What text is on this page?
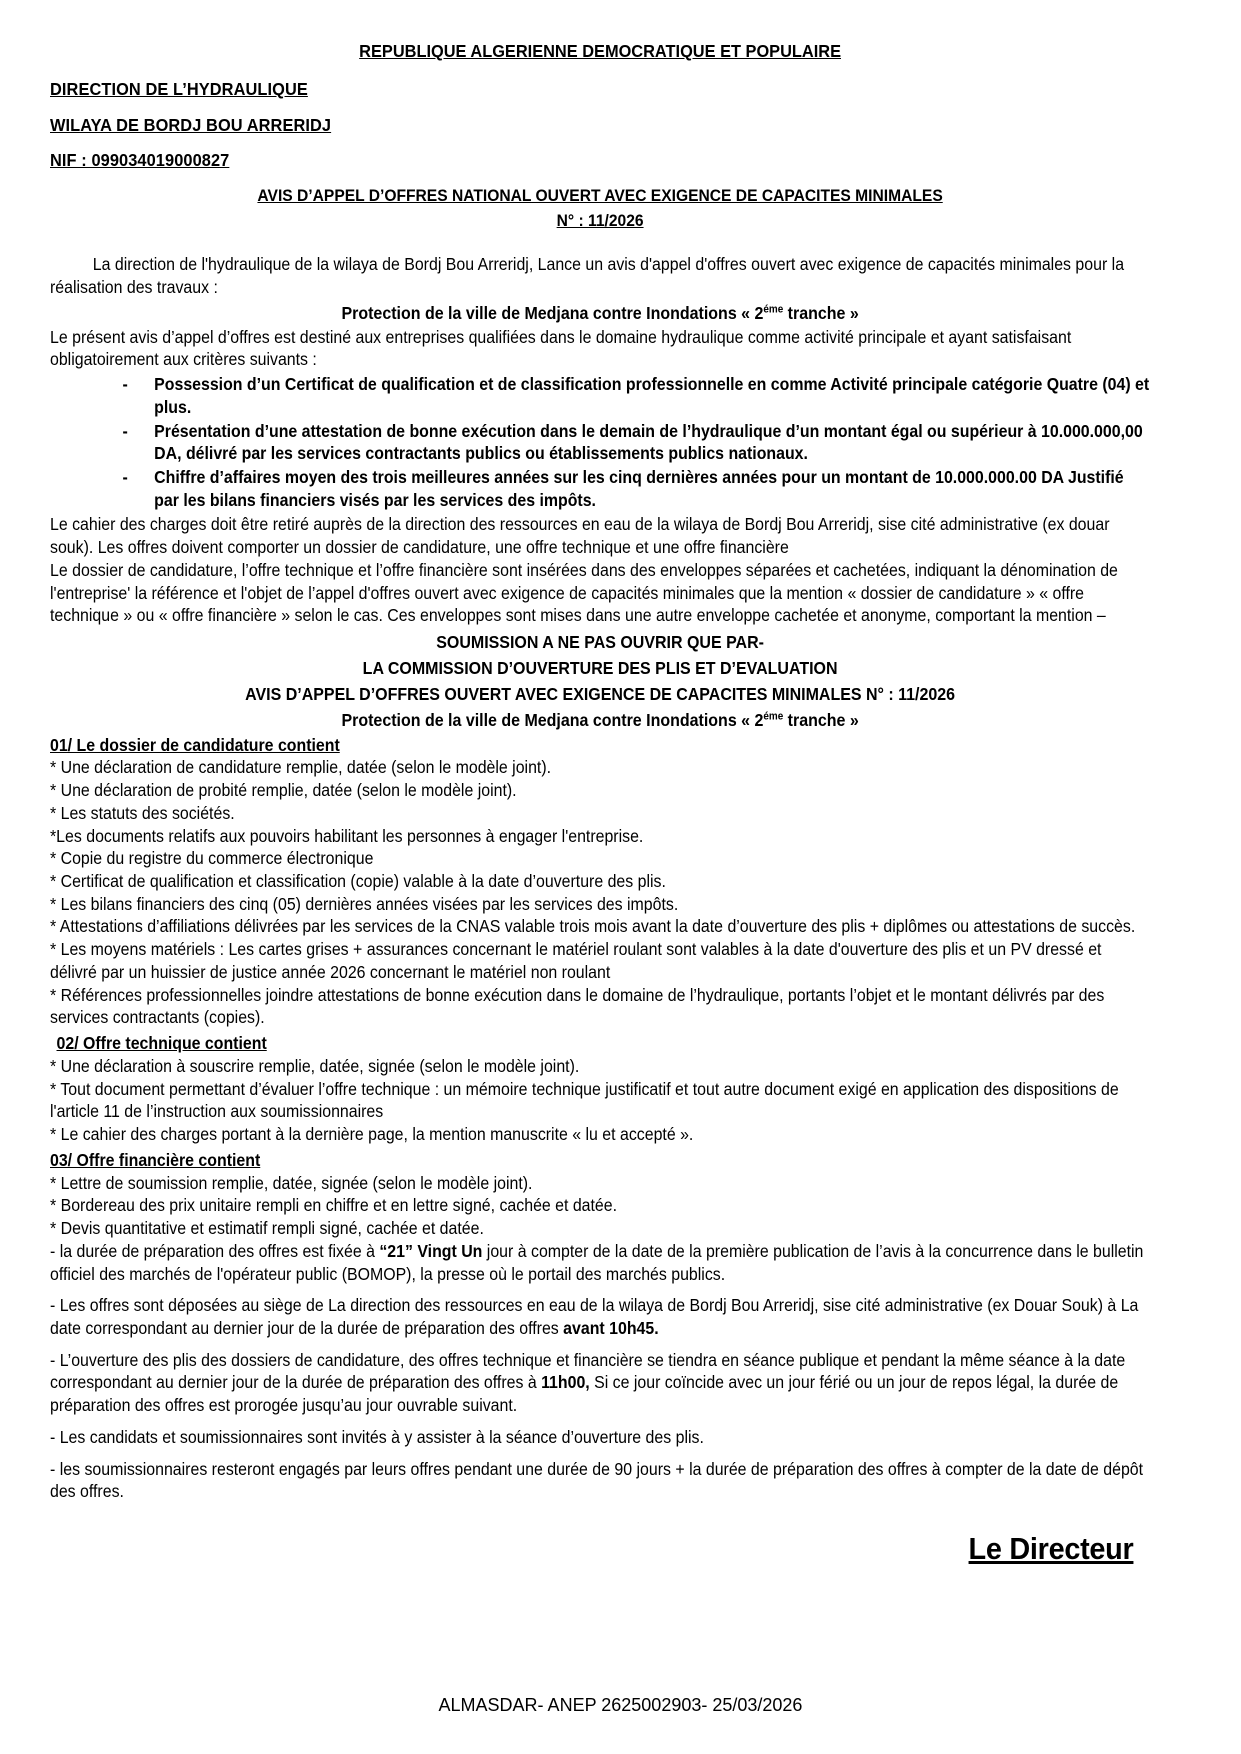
REPUBLIQUE ALGERIENNE DEMOCRATIQUE ET POPULAIRE
DIRECTION DE L’HYDRAULIQUE
WILAYA DE BORDJ BOU ARRERIDJ
NIF : 099034019000827
AVIS D’APPEL D’OFFRES NATIONAL OUVERT AVEC EXIGENCE DE CAPACITES MINIMALES
N° : 11/2026

La direction de l'hydraulique de la wilaya de Bordj Bou Arreridj, Lance un avis d'appel d'offres ouvert avec exigence de capacités minimales pour la réalisation des travaux :

Protection de la ville de Medjana contre Inondations « $2^{éme}$ tranche »

Le présent avis d’appel d’offres est destiné aux entreprises qualifiées dans le domaine hydraulique comme activité principale et ayant satisfaisant obligatoirement aux critères suivants :

- Possession d’un Certificat de qualification et de classification professionnelle en comme Activité principale catégorie Quatre (04) et plus.
- Présentation d’une attestation de bonne exécution dans le demain de l’hydraulique d’un montant égal ou supérieur à 10.000.000,00 DA, délivré par les services contractants publics ou établissements publics nationaux.
- Chiffre d’affaires moyen des trois meilleures années sur les cinq dernières années pour un montant de 10.000.000.00 DA Justifié par les bilans financiers visés par les services des impôts.

Le cahier des charges doit être retiré auprès de la direction des ressources en eau de la wilaya de Bordj Bou Arreridj, sise cité administrative (ex douar souk). Les offres doivent comporter un dossier de candidature, une offre technique et une offre financière

Le dossier de candidature, l’offre technique et l’offre financière sont insérées dans des enveloppes séparées et cachetées, indiquant la dénomination de l'entreprise' la référence et l'objet de l’appel d'offres ouvert avec exigence de capacités minimales que la mention « dossier de candidature » « offre technique » ou « offre financière » selon le cas. Ces enveloppes sont mises dans une autre enveloppe cachetée et anonyme, comportant la mention –

SOUMISSION A NE PAS OUVRIR QUE PAR-
LA COMMISSION D’OUVERTURE DES PLIS ET D’EVALUATION
AVIS D’APPEL D’OFFRES OUVERT AVEC EXIGENCE DE CAPACITES MINIMALES N° : 11/2026
Protection de la ville de Medjana contre Inondations « $2^{éme}$ tranche »
01/ Le dossier de candidature contient

* Une déclaration de candidature remplie, datée (selon le modèle joint).

* Une déclaration de probité remplie, datée (selon le modèle joint).

* Les statuts des sociétés.

*Les documents relatifs aux pouvoirs habilitant les personnes à engager l'entreprise.

* Copie du registre du commerce électronique

* Certificat de qualification et classification (copie) valable à la date d’ouverture des plis.

* Les bilans financiers des cinq (05) dernières années visées par les services des impôts.

* Attestations d’affiliations délivrées par les services de la CNAS valable trois mois avant la date d’ouverture des plis + diplômes ou attestations de succès.

* Les moyens matériels : Les cartes grises + assurances concernant le matériel roulant sont valables à la date d'ouverture des plis et un PV dressé et délivré par un huissier de justice année 2026 concernant le matériel non roulant

* Références professionnelles joindre attestations de bonne exécution dans le domaine de l’hydraulique, portants l’objet et le montant délivrés par des services contractants (copies).

02/ Offre technique contient

* Une déclaration à souscrire remplie, datée, signée (selon le modèle joint).

* Tout document permettant d’évaluer l’offre technique : un mémoire technique justificatif et tout autre document exigé en application des dispositions de l'article 11 de l’instruction aux soumissionnaires

* Le cahier des charges portant à la dernière page, la mention manuscrite « lu et accepté ».

03/ Offre financière contient

* Lettre de soumission remplie, datée, signée (selon le modèle joint).

* Bordereau des prix unitaire rempli en chiffre et en lettre signé, cachée et datée.

* Devis quantitative et estimatif rempli signé, cachée et datée.

- la durée de préparation des offres est fixée à “21” Vingt Un jour à compter de la date de la première publication de l’avis à la concurrence dans le bulletin officiel des marchés de l'opérateur public (BOMOP), la presse où le portail des marchés publics.

- Les offres sont déposées au siège de La direction des ressources en eau de la wilaya de Bordj Bou Arreridj, sise cité administrative (ex Douar Souk) à La date correspondant au dernier jour de la durée de préparation des offres avant 10h45.

- L’ouverture des plis des dossiers de candidature, des offres technique et financière se tiendra en séance publique et pendant la même séance à la date correspondant au dernier jour de la durée de préparation des offres à 11h00, Si ce jour coïncide avec un jour férié ou un jour de repos légal, la durée de préparation des offres est prorogée jusqu’au jour ouvrable suivant.

- Les candidats et soumissionnaires sont invités à y assister à la séance d’ouverture des plis.

- les soumissionnaires resteront engagés par leurs offres pendant une durée de 90 jours + la durée de préparation des offres à compter de la date de dépôt des offres.

Le Directeur
ALMASDAR- ANEP 2625002903- 25/03/2026
